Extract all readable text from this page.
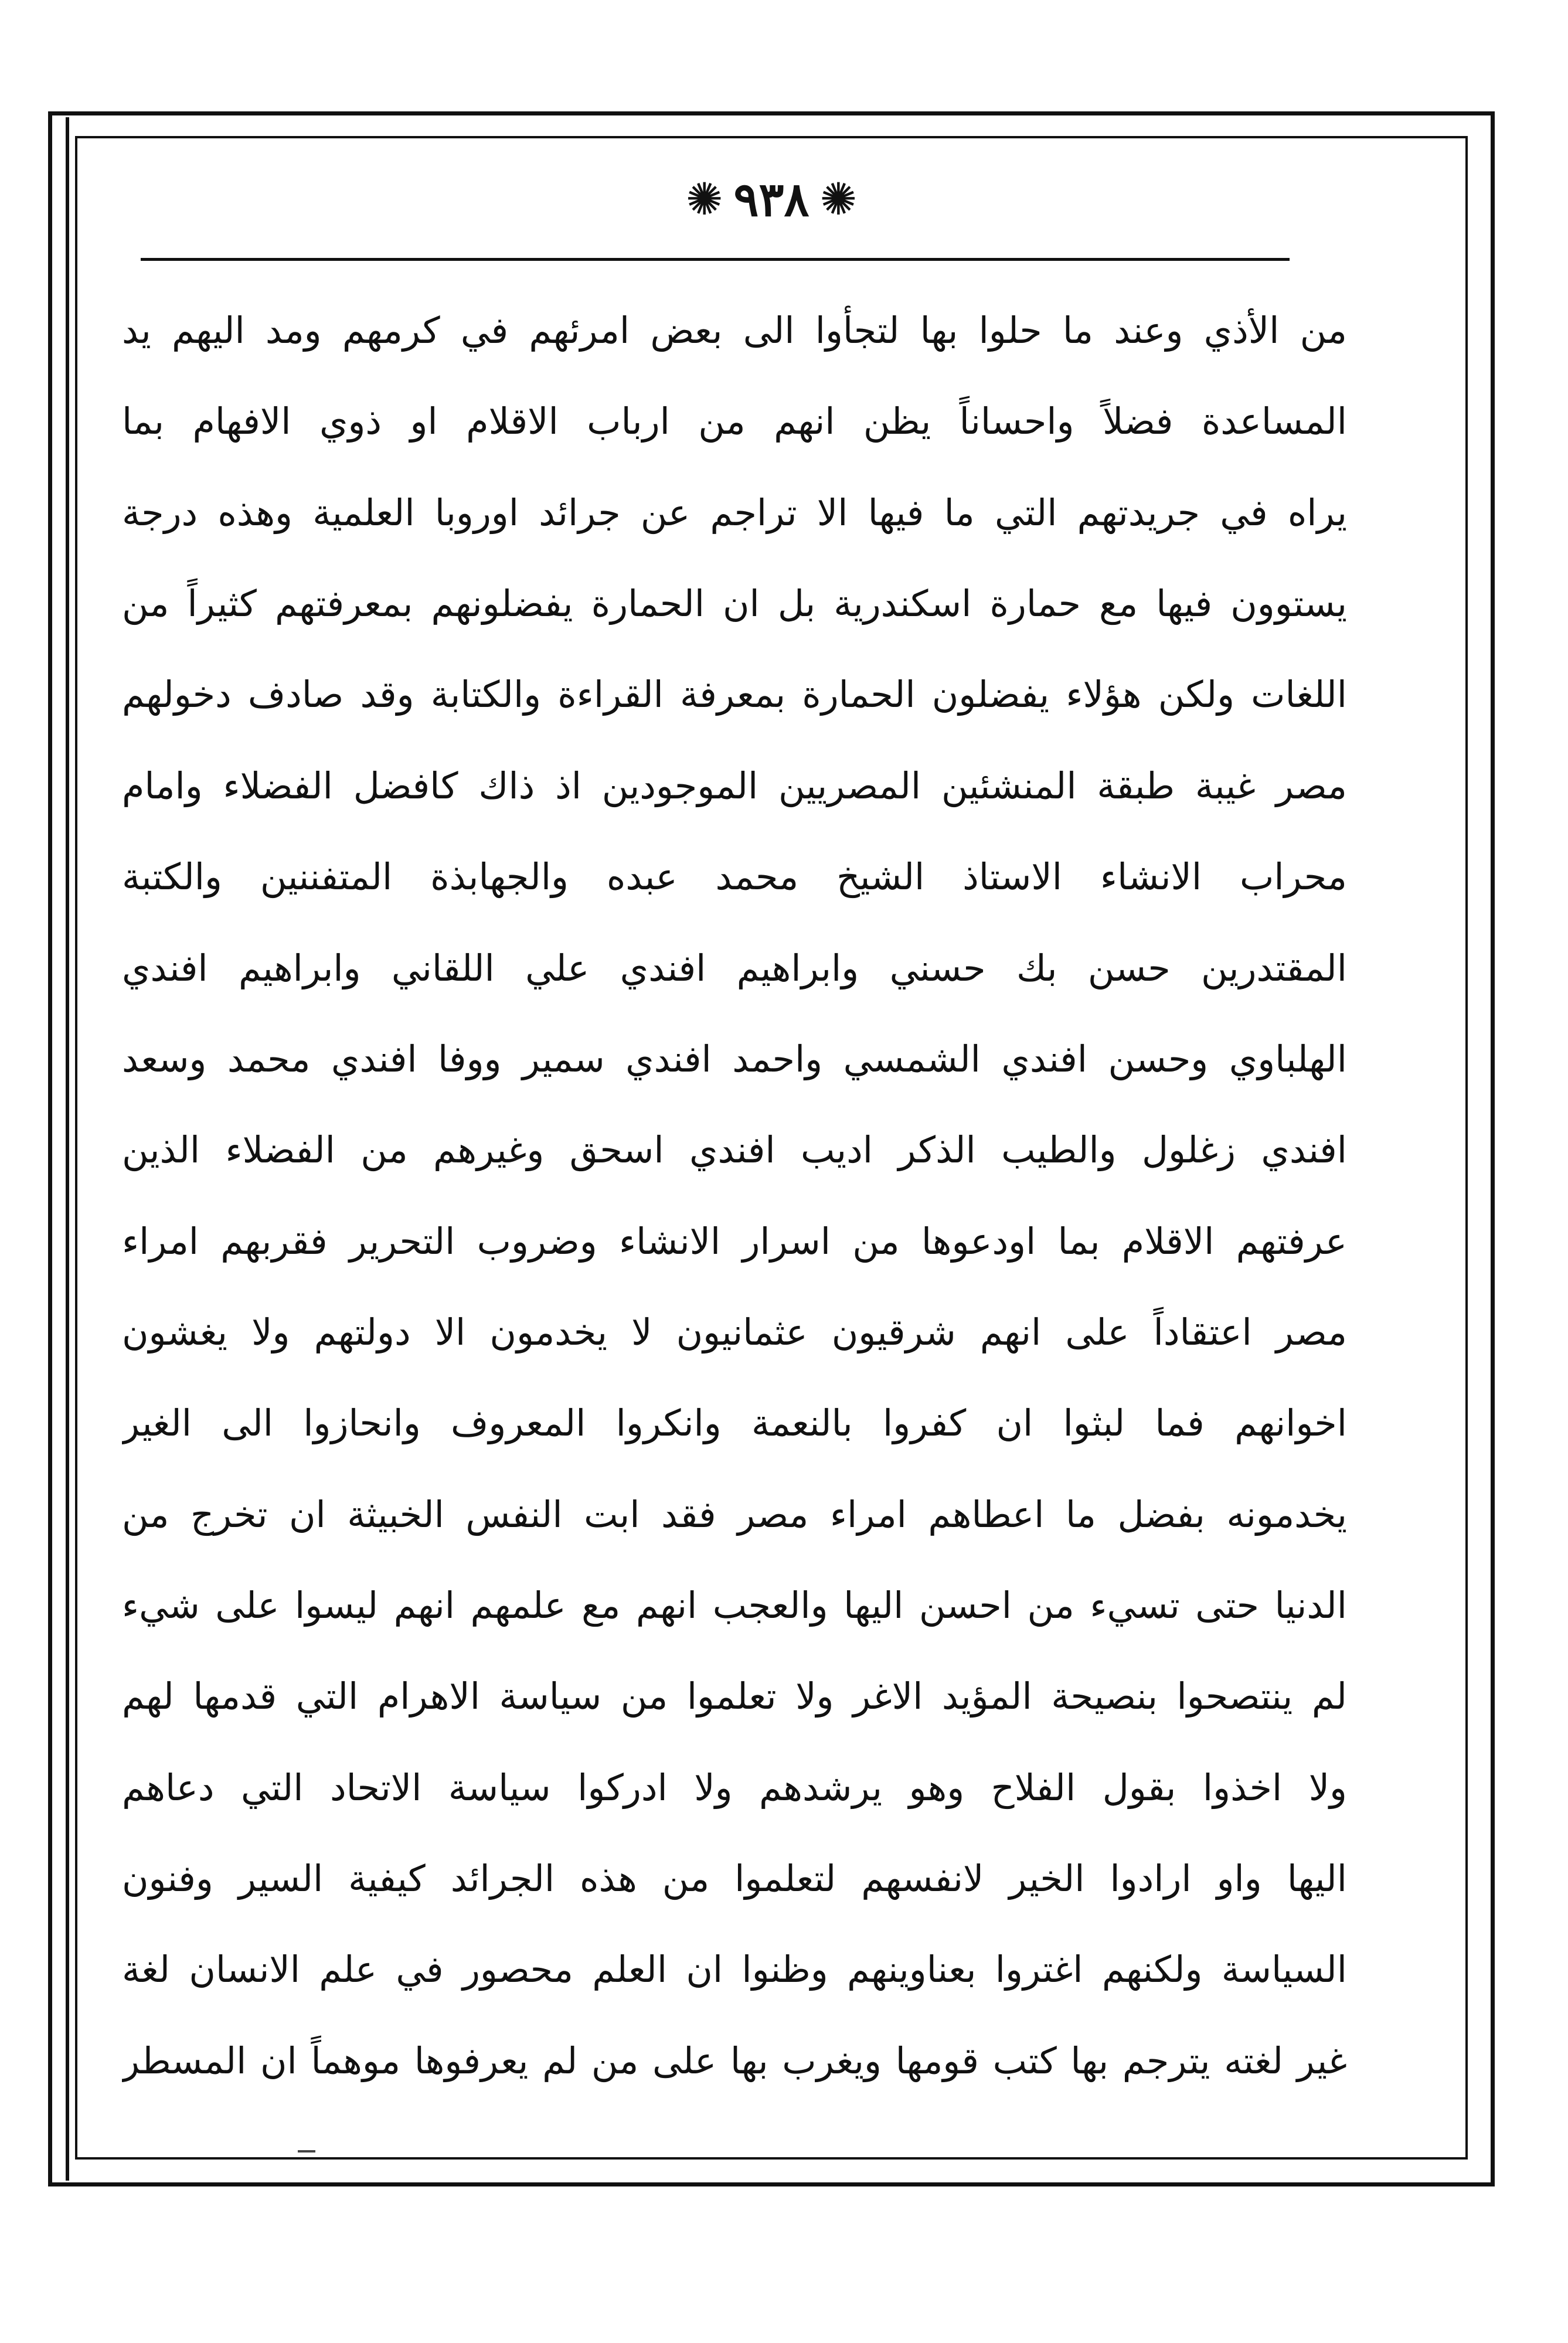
✺
٩٣٨
✺
من الأذي وعند ما حلوا بها لتجأوا الى بعض امرئهم في كرمهم ومد اليهم يد
المساعدة فضلاً واحساناً يظن انهم من ارباب الاقلام او ذوي الافهام بما
يراه في جريدتهم التي ما فيها الا تراجم عن جرائد اوروبا العلمية وهذه درجة
يستوون فيها مع حمارة اسكندرية بل ان الحمارة يفضلونهم بمعرفتهم كثيراً من
اللغات ولكن هؤلاء يفضلون الحمارة بمعرفة القراءة والكتابة وقد صادف دخولهم
مصر غيبة طبقة المنشئين المصريين الموجودين اذ ذاك كافضل الفضلاء وامام
محراب الانشاء الاستاذ الشيخ محمد عبده والجهابذة المتفننين والكتبة
المقتدرين حسن بك حسني وابراهيم افندي علي اللقاني وابراهيم افندي
الهلباوي وحسن افندي الشمسي واحمد افندي سمير ووفا افندي محمد وسعد
افندي زغلول والطيب الذكر اديب افندي اسحق وغيرهم من الفضلاء الذين
عرفتهم الاقلام بما اودعوها من اسرار الانشاء وضروب التحرير فقربهم امراء
مصر اعتقاداً على انهم شرقيون عثمانيون لا يخدمون الا دولتهم ولا يغشون
اخوانهم فما لبثوا ان كفروا بالنعمة وانكروا المعروف وانحازوا الى الغير
يخدمونه بفضل ما اعطاهم امراء مصر فقد ابت النفس الخبيثة ان تخرج من
الدنيا حتى تسيء من احسن اليها والعجب انهم مع علمهم انهم ليسوا على شيء
لم ينتصحوا بنصيحة المؤيد الاغر ولا تعلموا من سياسة الاهرام التي قدمها لهم
ولا اخذوا بقول الفلاح وهو يرشدهم ولا ادركوا سياسة الاتحاد التي دعاهم
اليها واو ارادوا الخير لانفسهم لتعلموا من هذه الجرائد كيفية السير وفنون
السياسة ولكنهم اغتروا بعناوينهم وظنوا ان العلم محصور في علم الانسان لغة
غير لغته يترجم بها كتب قومها ويغرب بها على من لم يعرفوها موهماً ان المسطر
